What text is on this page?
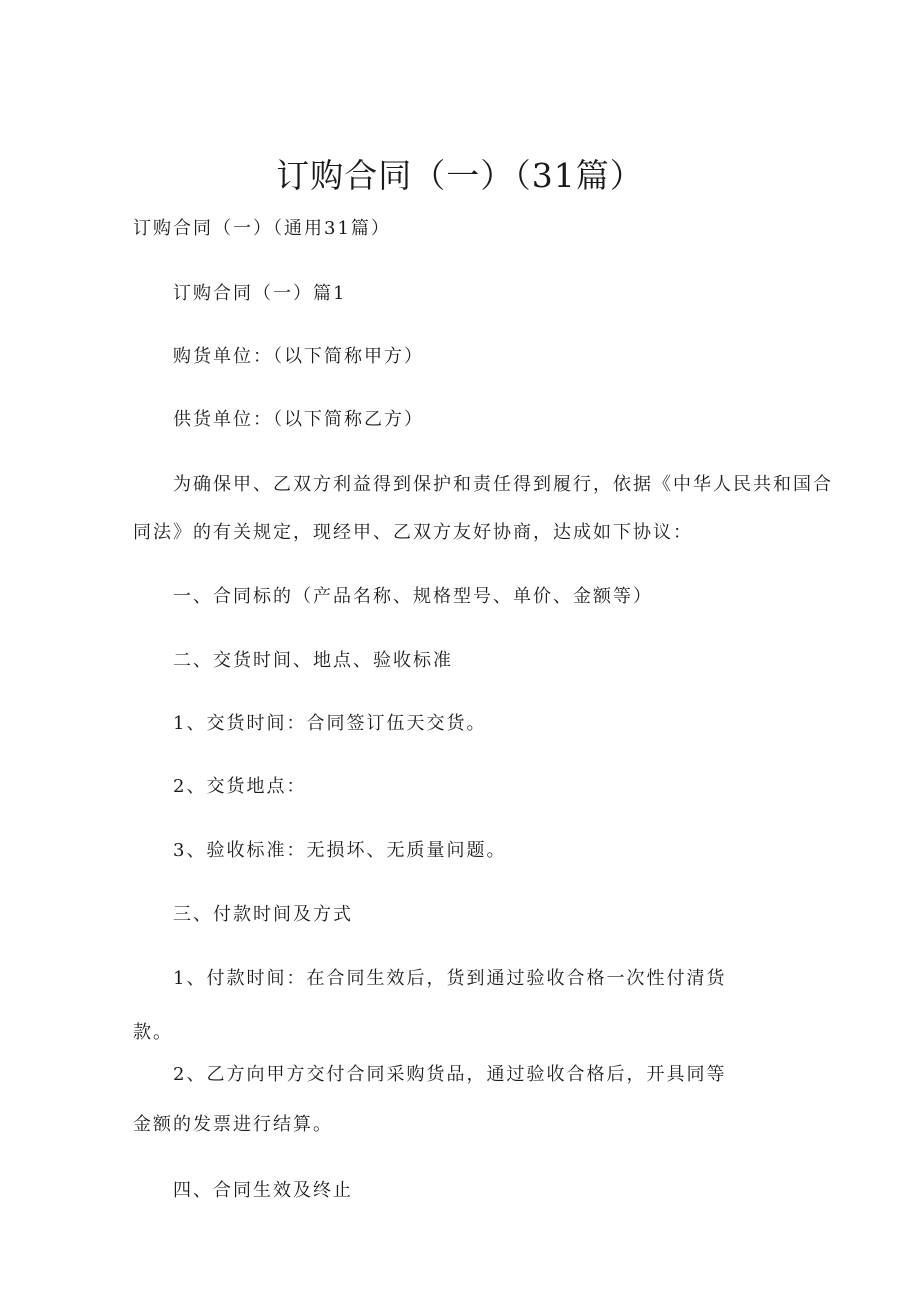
订购合同（一）（31篇）

订购合同（一）（通用31篇）

订购合同（一）篇1

购货单位：（以下简称甲方）

供货单位：（以下简称乙方）

为确保甲、乙双方利益得到保护和责任得到履行，依据《中华人民共和国合

同法》的有关规定，现经甲、乙双方友好协商，达成如下协议：

一、合同标的（产品名称、规格型号、单价、金额等）

二、交货时间、地点、验收标准

1、交货时间：合同签订伍天交货。

2、交货地点：

3、验收标准：无损坏、无质量问题。

三、付款时间及方式

1、付款时间：在合同生效后，货到通过验收合格一次性付清货

款。

2、乙方向甲方交付合同采购货品，通过验收合格后，开具同等

金额的发票进行结算。

四、合同生效及终止
